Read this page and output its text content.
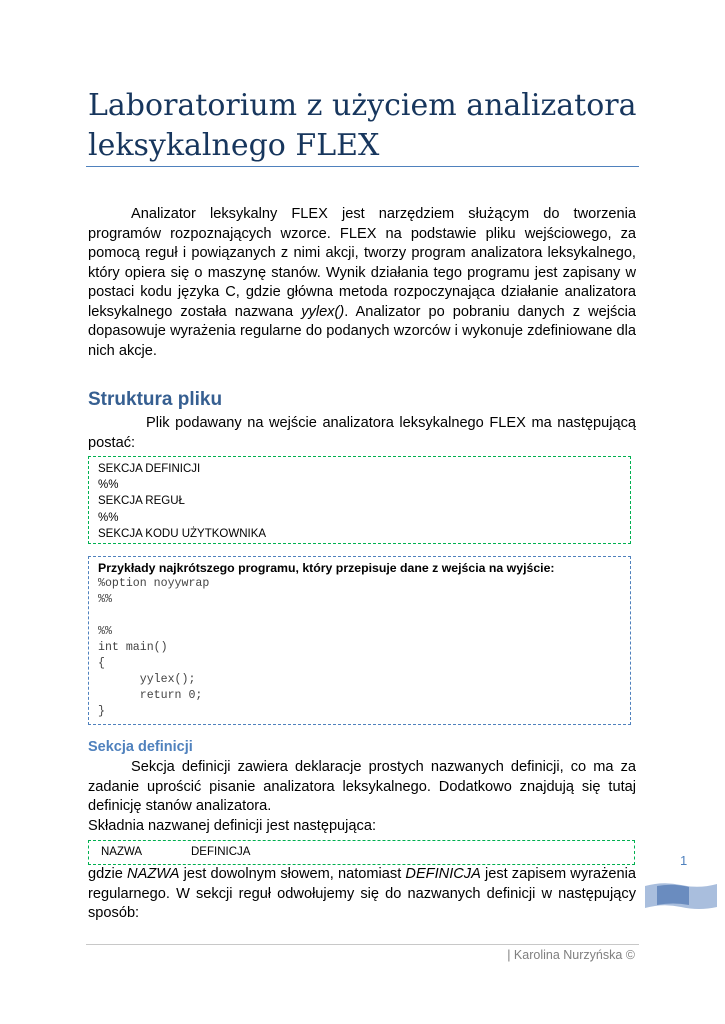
Laboratorium z użyciem analizatora
leksykalnego FLEX

Analizator leksykalny FLEX jest narzędziem służącym do tworzenia programów rozpoznających wzorce. FLEX na podstawie pliku wejściowego, za pomocą reguł i powiązanych z nimi akcji, tworzy program analizatora leksykalnego, który opiera się o maszynę stanów. Wynik działania tego programu jest zapisany w postaci kodu języka C, gdzie główna metoda rozpoczynająca działanie analizatora leksykalnego została nazwana yylex(). Analizator po pobraniu danych z wejścia dopasowuje wyrażenia regularne do podanych wzorców i wykonuje zdefiniowane dla nich akcje.

Struktura pliku

Plik podawany na wejście analizatora leksykalnego FLEX ma następującą postać:

SEKCJA DEFINICJI
%%
SEKCJA REGUŁ
%%
SEKCJA KODU UŻYTKOWNIKA
Przykłady najkrótszego programu, który przepisuje dane z wejścia na wyjście:
%option noyywrap
%%

%%
int main()
{
yylex();
return 0;
}
Sekcja definicji

Sekcja definicji zawiera deklaracje prostych nazwanych definicji, co ma za zadanie uprościć pisanie analizatora leksykalnego. Dodatkowo znajdują się tutaj definicję stanów analizatora.

Składnia nazwanej definicji jest następująca:

NAZWA	DEFINICJA

gdzie NAZWA jest dowolnym słowem, natomiast DEFINICJA jest zapisem wyrażenia regularnego. W sekcji reguł odwołujemy się do nazwanych definicji w następujący sposób:

1
| Karolina Nurzyńska ©
